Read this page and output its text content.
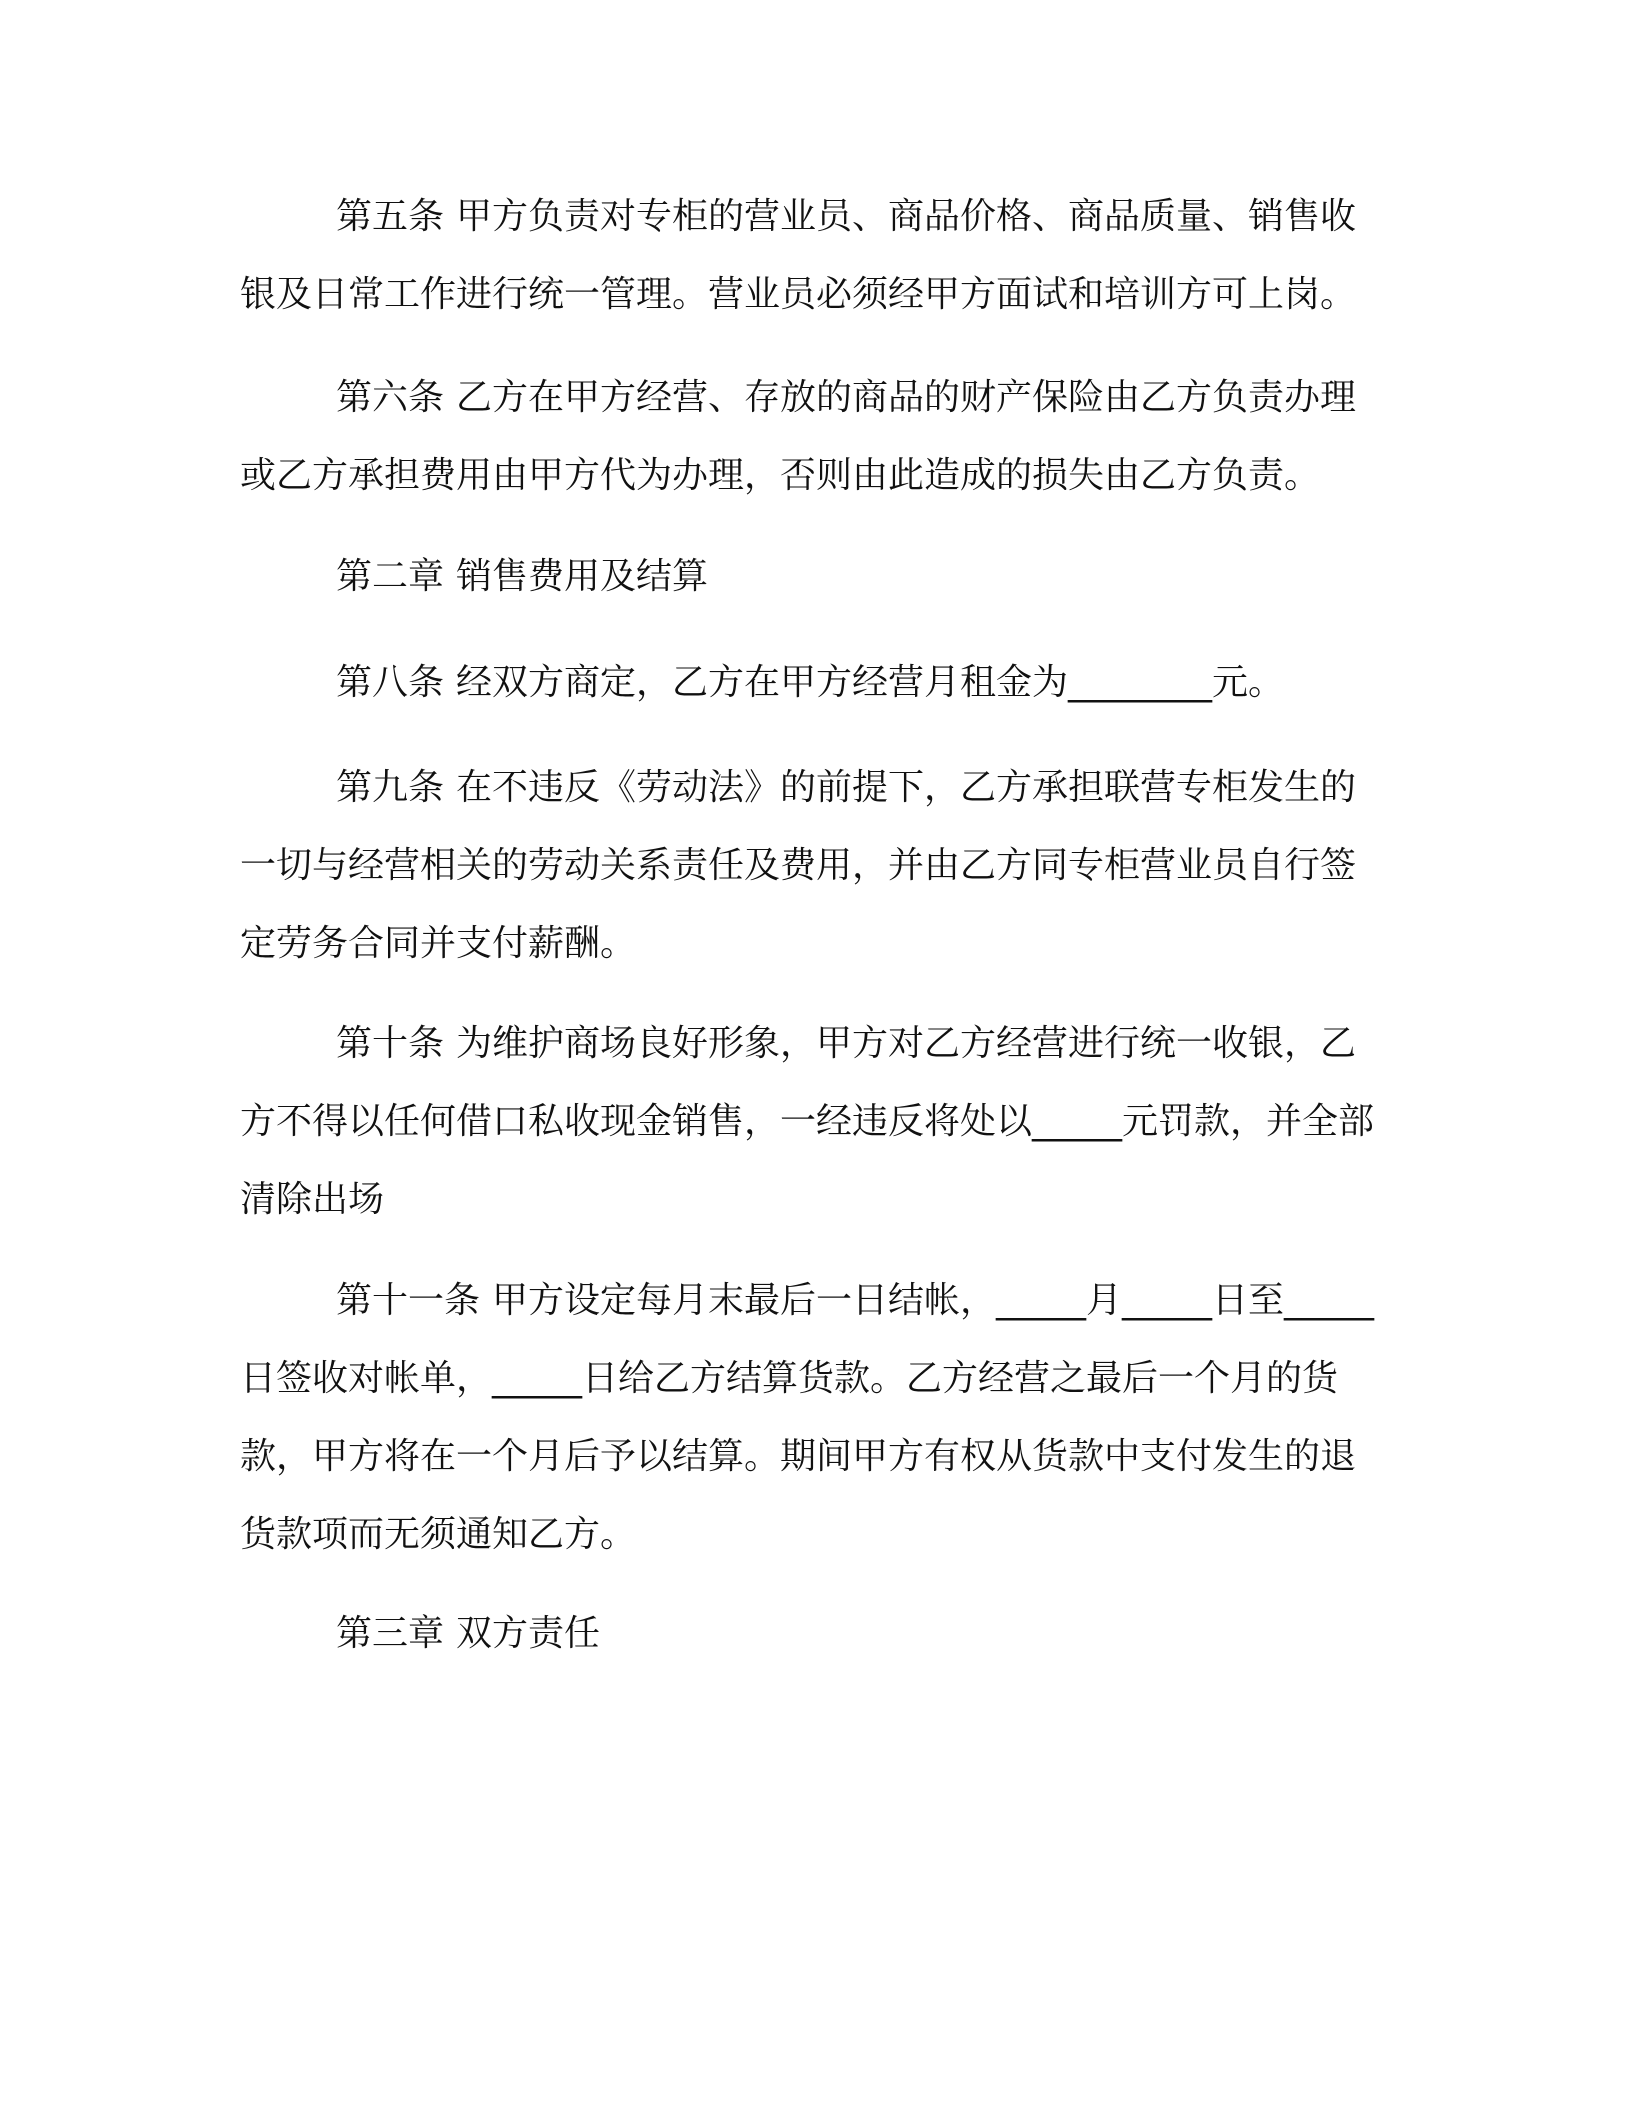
第五条 甲方负责对专柜的营业员、商品价格、商品质量、销售收银及日常工作进行统一管理。营业员必须经甲方面试和培训方可上岗。

第六条 乙方在甲方经营、存放的商品的财产保险由乙方负责办理或乙方承担费用由甲方代为办理，否则由此造成的损失由乙方负责。

第二章 销售费用及结算

第八条 经双方商定，乙方在甲方经营月租金为________元。

第九条 在不违反《劳动法》的前提下，乙方承担联营专柜发生的一切与经营相关的劳动关系责任及费用，并由乙方同专柜营业员自行签定劳务合同并支付薪酬。

第十条 为维护商场良好形象，甲方对乙方经营进行统一收银，乙方不得以任何借口私收现金销售，一经违反将处以_____元罚款，并全部清除出场

第十一条 甲方设定每月末最后一日结帐，_____月_____日至_____日签收对帐单，_____日给乙方结算货款。乙方经营之最后一个月的货款，甲方将在一个月后予以结算。期间甲方有权从货款中支付发生的退货款项而无须通知乙方。

第三章 双方责任
